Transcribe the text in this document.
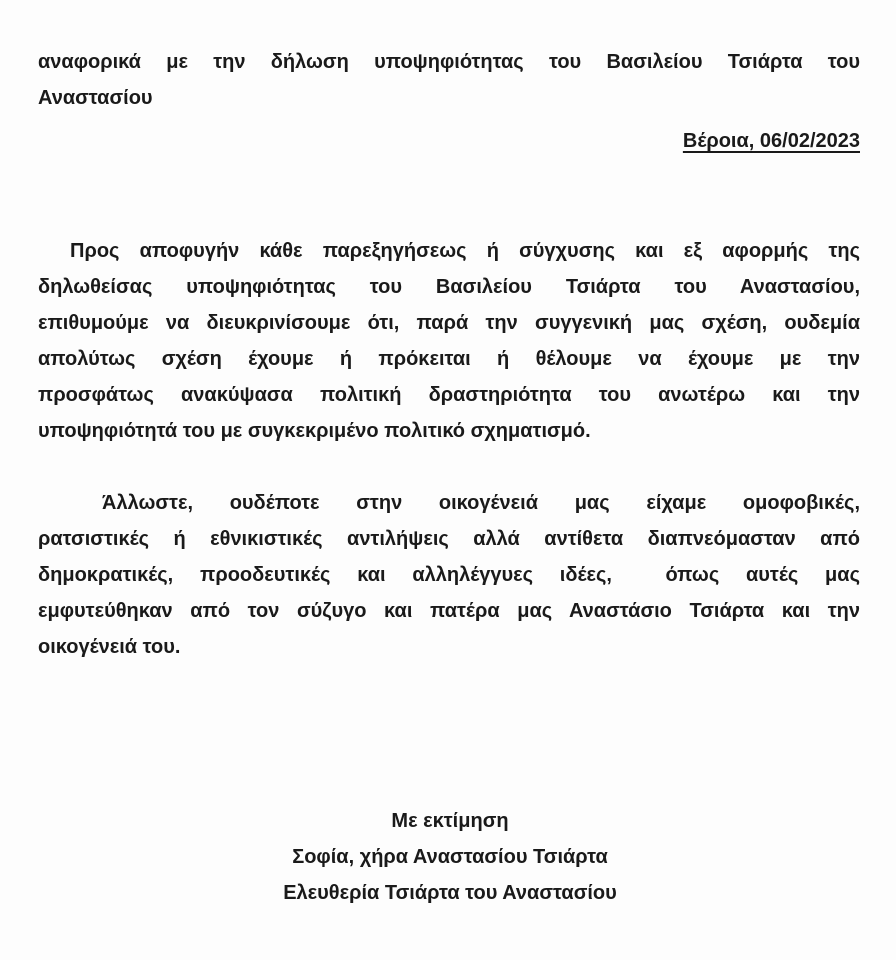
αναφορικά με την δήλωση υποψηφιότητας του Βασιλείου Τσιάρτα του
Αναστασίου
Βέροια, 06/02/2023
Προς αποφυγήν κάθε παρεξηγήσεως ή σύγχυσης και εξ αφορμής της
δηλωθείσας υποψηφιότητας του Βασιλείου Τσιάρτα του Αναστασίου,
επιθυμούμε να διευκρινίσουμε ότι, παρά την συγγενική μας σχέση, ουδεμία
απολύτως σχέση έχουμε ή πρόκειται ή θέλουμε να έχουμε με την
προσφάτως ανακύψασα πολιτική δραστηριότητα του ανωτέρω και την
υποψηφιότητά του με συγκεκριμένο πολιτικό σχηματισμό.
Άλλωστε, ουδέποτε στην οικογένειά μας είχαμε ομοφοβικές,
ρατσιστικές ή εθνικιστικές αντιλήψεις αλλά αντίθετα διαπνεόμασταν από
δημοκρατικές, προοδευτικές και αλληλέγγυες ιδέες,  όπως αυτές μας
εμφυτεύθηκαν από τον σύζυγο και πατέρα μας Αναστάσιο Τσιάρτα και την
οικογένειά του.
Με εκτίμηση
Σοφία, χήρα Αναστασίου Τσιάρτα
Ελευθερία Τσιάρτα του Αναστασίου
